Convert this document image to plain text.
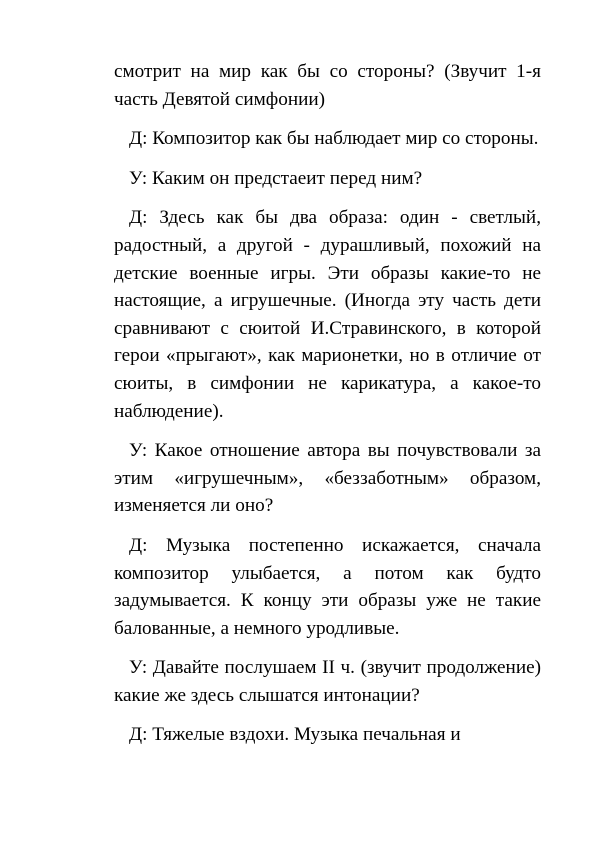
смотрит на мир как бы со стороны? (Звучит 1-я часть Девятой симфонии)

Д: Композитор как бы наблюдает мир со стороны.

У: Каким он предстаеит перед ним?

Д: Здесь как бы два образа: один - светлый, радостный, а другой - дурашливый, похожий на детские военные игры. Эти образы какие-то не настоящие, а игрушечные. (Иногда эту часть дети сравнивают с сюитой И.Стравинского, в которой герои «прыгают», как марионетки, но в отличие от сюиты, в симфонии не карикатура, а какое-то наблюдение).

У: Какое отношение автора вы почувствовали за этим «игрушечным», «беззаботным» образом, изменяется ли оно?

Д: Музыка постепенно искажается, сначала композитор улыбается, а потом как будто задумывается. К концу эти образы уже не такие балованные, а немного уродливые.

У: Давайте послушаем II ч. (звучит продолжение) какие же здесь слышатся интонации?

Д: Тяжелые вздохи. Музыка печальная и
